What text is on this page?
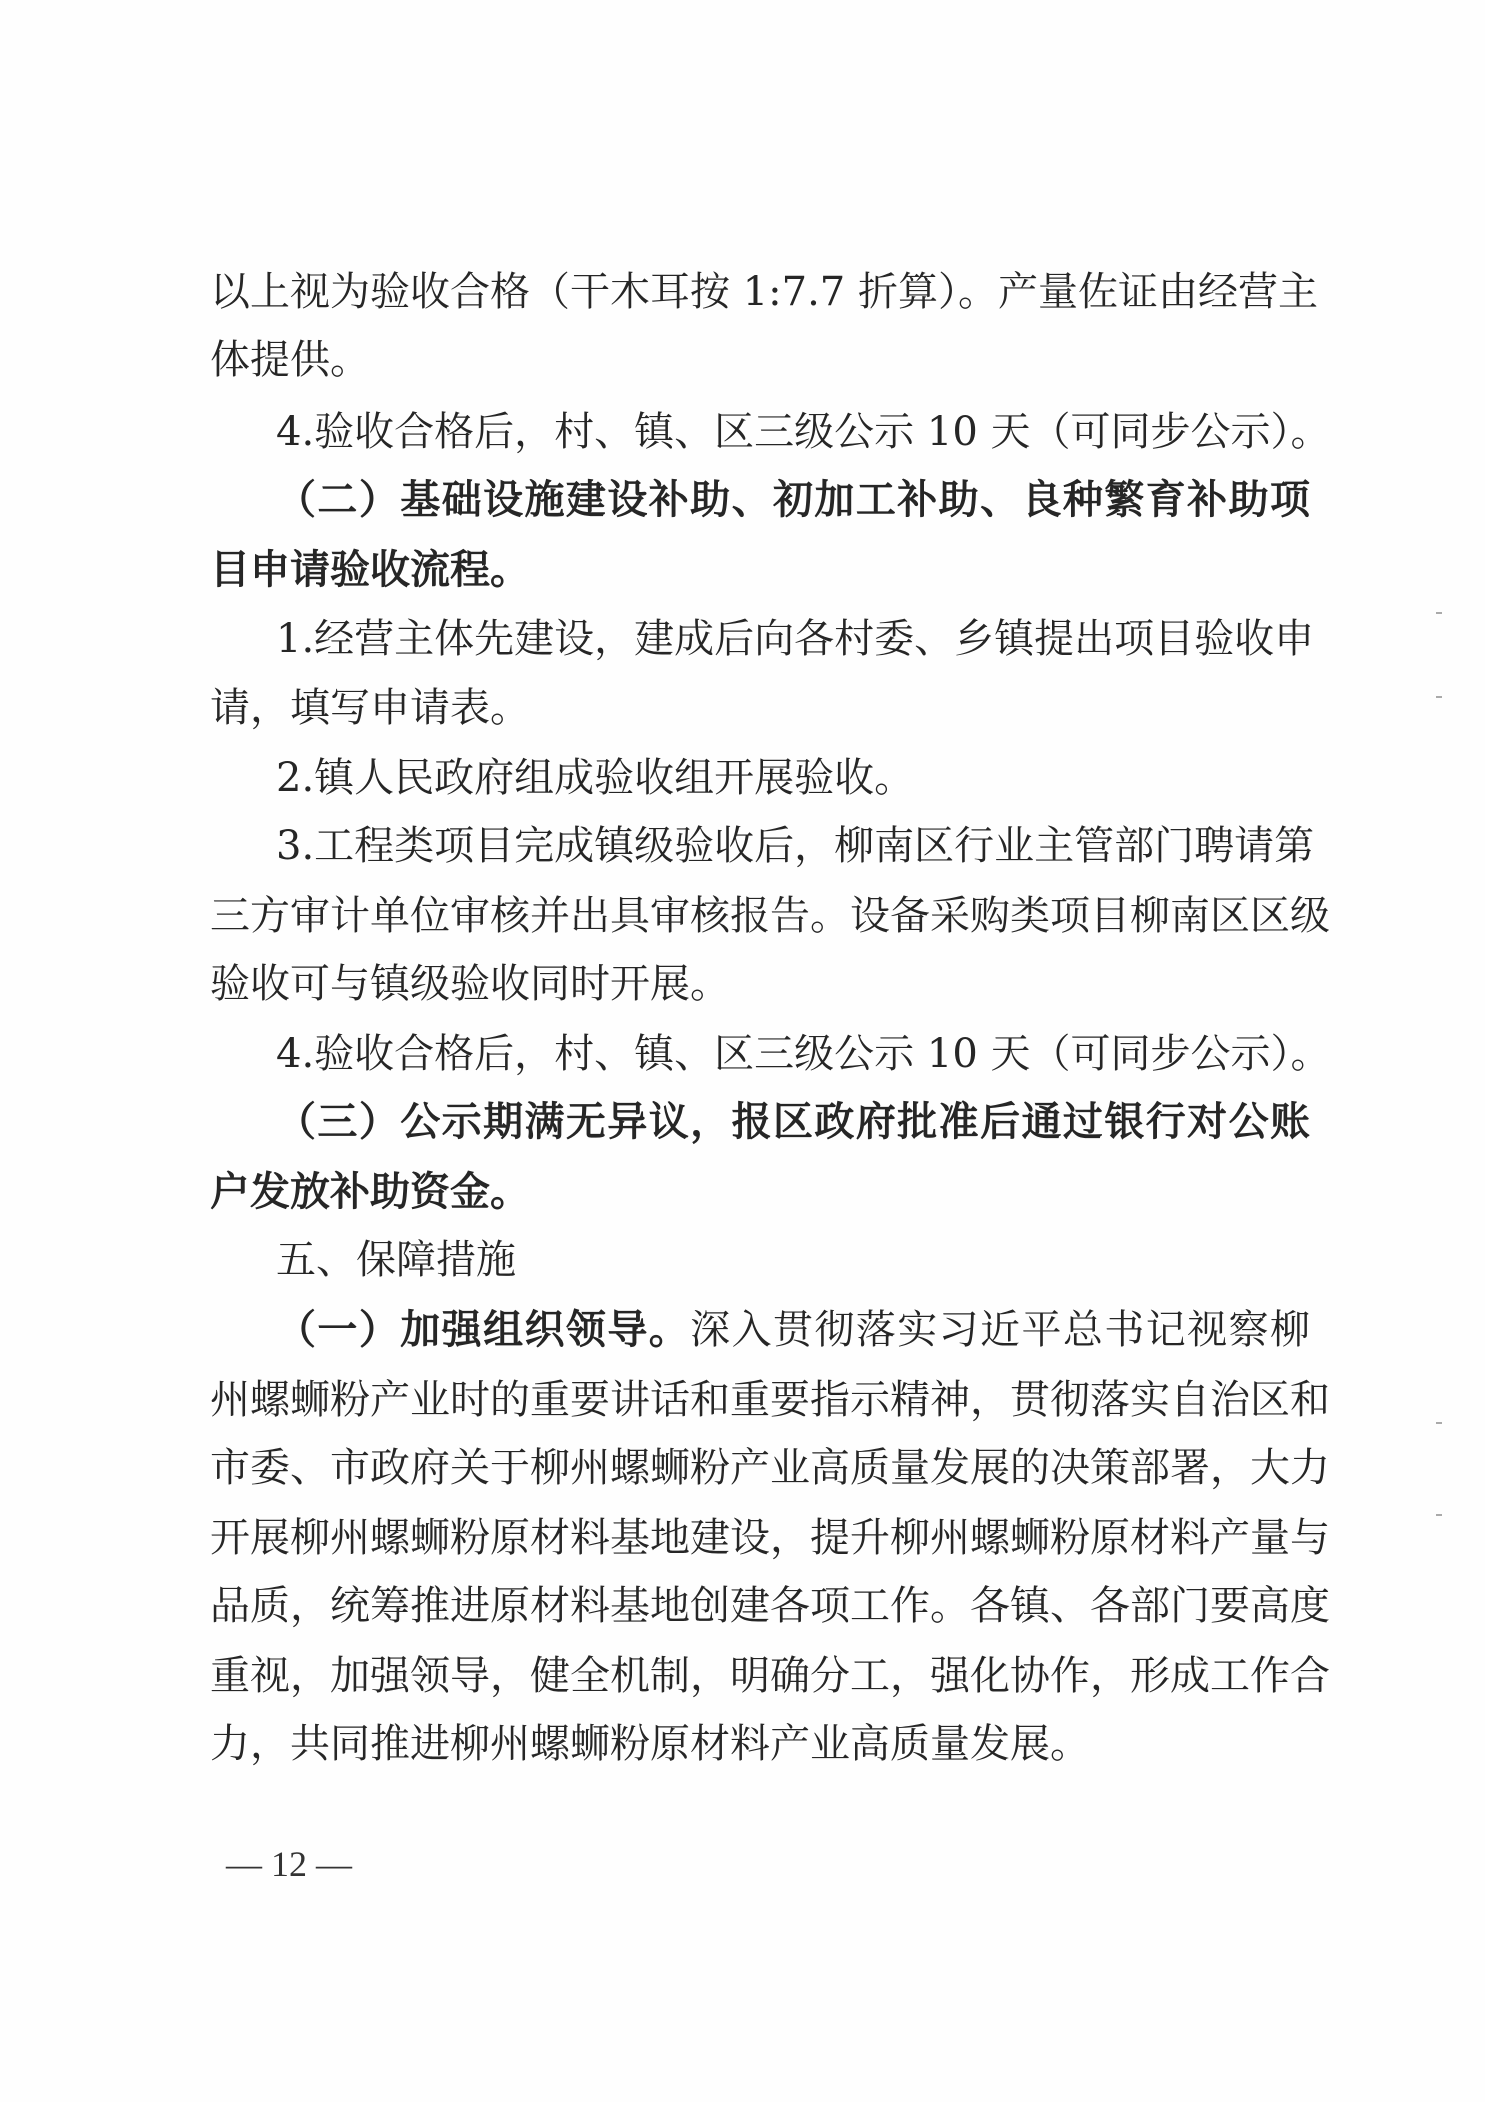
以上视为验收合格（干木耳按 1:7.7 折算）。产量佐证由经营主
体提供。
4.验收合格后，村、镇、区三级公示 10 天（可同步公示）。
（二）基础设施建设补助、初加工补助、良种繁育补助项
目申请验收流程。
1.经营主体先建设，建成后向各村委、乡镇提出项目验收申
请，填写申请表。
2.镇人民政府组成验收组开展验收。
3.工程类项目完成镇级验收后，柳南区行业主管部门聘请第
三方审计单位审核并出具审核报告。设备采购类项目柳南区区级
验收可与镇级验收同时开展。
4.验收合格后，村、镇、区三级公示 10 天（可同步公示）。
（三）公示期满无异议，报区政府批准后通过银行对公账
户发放补助资金。
五、保障措施
（一）加强组织领导。深入贯彻落实习近平总书记视察柳
州螺蛳粉产业时的重要讲话和重要指示精神，贯彻落实自治区和
市委、市政府关于柳州螺蛳粉产业高质量发展的决策部署，大力
开展柳州螺蛳粉原材料基地建设，提升柳州螺蛳粉原材料产量与
品质，统筹推进原材料基地创建各项工作。各镇、各部门要高度
重视，加强领导，健全机制，明确分工，强化协作，形成工作合
力，共同推进柳州螺蛳粉原材料产业高质量发展。
— 12 —
